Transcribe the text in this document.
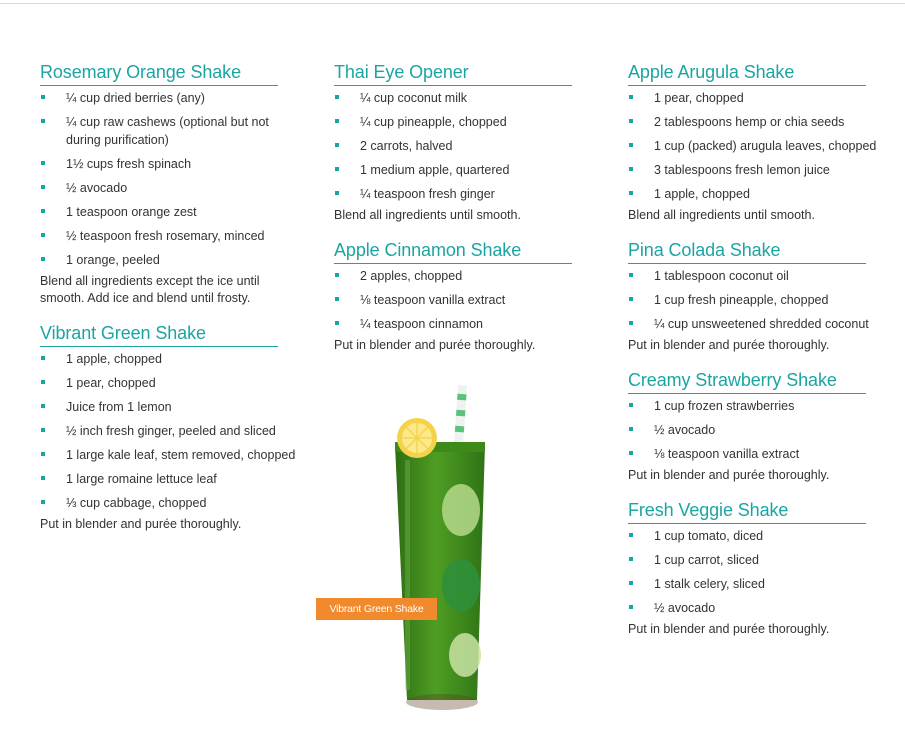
Rosemary Orange Shake
¼ cup dried berries (any)
¼ cup raw cashews (optional but not during purification)
1½ cups fresh spinach
½ avocado
1 teaspoon orange zest
½ teaspoon fresh rosemary, minced
1 orange, peeled
Blend all ingredients except the ice until smooth. Add ice and blend until frosty.
Vibrant Green Shake
1 apple, chopped
1 pear, chopped
Juice from 1 lemon
½ inch fresh ginger, peeled and sliced
1 large kale leaf, stem removed, chopped
1 large romaine lettuce leaf
⅓ cup cabbage, chopped
Put in blender and purée thoroughly.
Thai Eye Opener
¼ cup coconut milk
¼ cup pineapple, chopped
2 carrots, halved
1 medium apple, quartered
¼ teaspoon fresh ginger
Blend all ingredients until smooth.
Apple Cinnamon Shake
2 apples, chopped
⅛ teaspoon vanilla extract
¼ teaspoon cinnamon
Put in blender and purée thoroughly.
Apple Arugula Shake
1 pear, chopped
2 tablespoons hemp or chia seeds
1 cup (packed) arugula leaves, chopped
3 tablespoons fresh lemon juice
1 apple, chopped
Blend all ingredients until smooth.
Pina Colada Shake
1 tablespoon coconut oil
1 cup fresh pineapple, chopped
¼ cup unsweetened shredded coconut
Put in blender and purée thoroughly.
Creamy Strawberry Shake
1 cup frozen strawberries
½ avocado
⅛ teaspoon vanilla extract
Put in blender and purée thoroughly.
Fresh Veggie Shake
1 cup tomato, diced
1 cup carrot, sliced
1 stalk celery, sliced
½ avocado
Put in blender and purée thoroughly.
Vibrant Green Shake
